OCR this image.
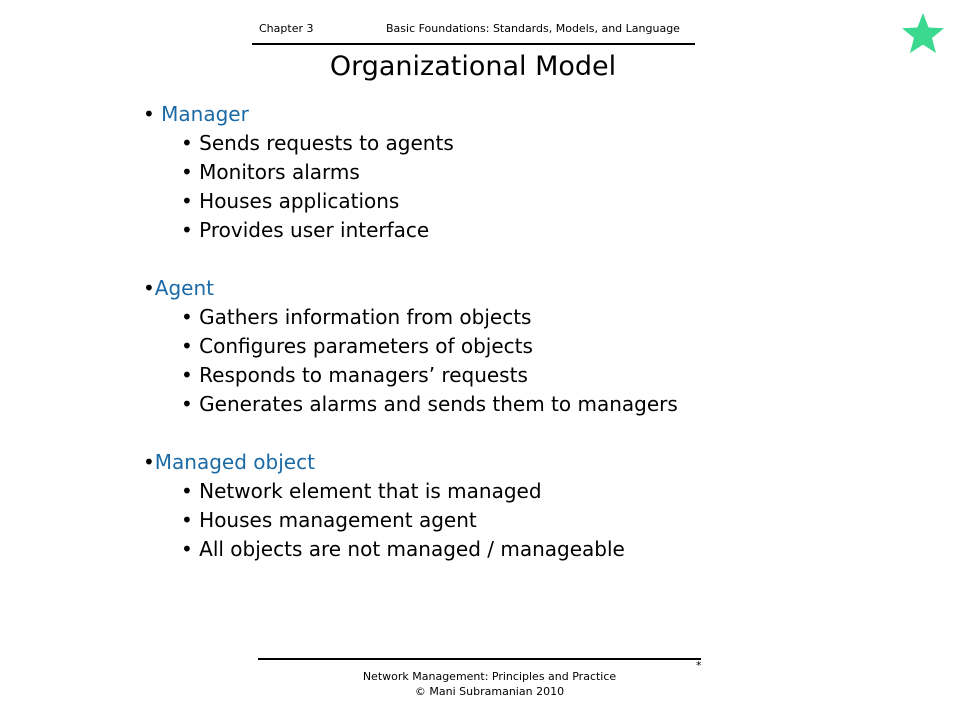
Chapter 3	Basic Foundations: Standards, Models, and Language
Organizational Model
• Manager
• Sends requests to agents
• Monitors alarms
• Houses applications
• Provides user interface
•Agent
• Gathers information from objects
• Configures parameters of objects
• Responds to managers’ requests
• Generates alarms and sends them to managers
•Managed object
• Network element that is managed
• Houses management agent
• All objects are not managed / manageable
*
Network Management: Principles and Practice
© Mani Subramanian 2010
